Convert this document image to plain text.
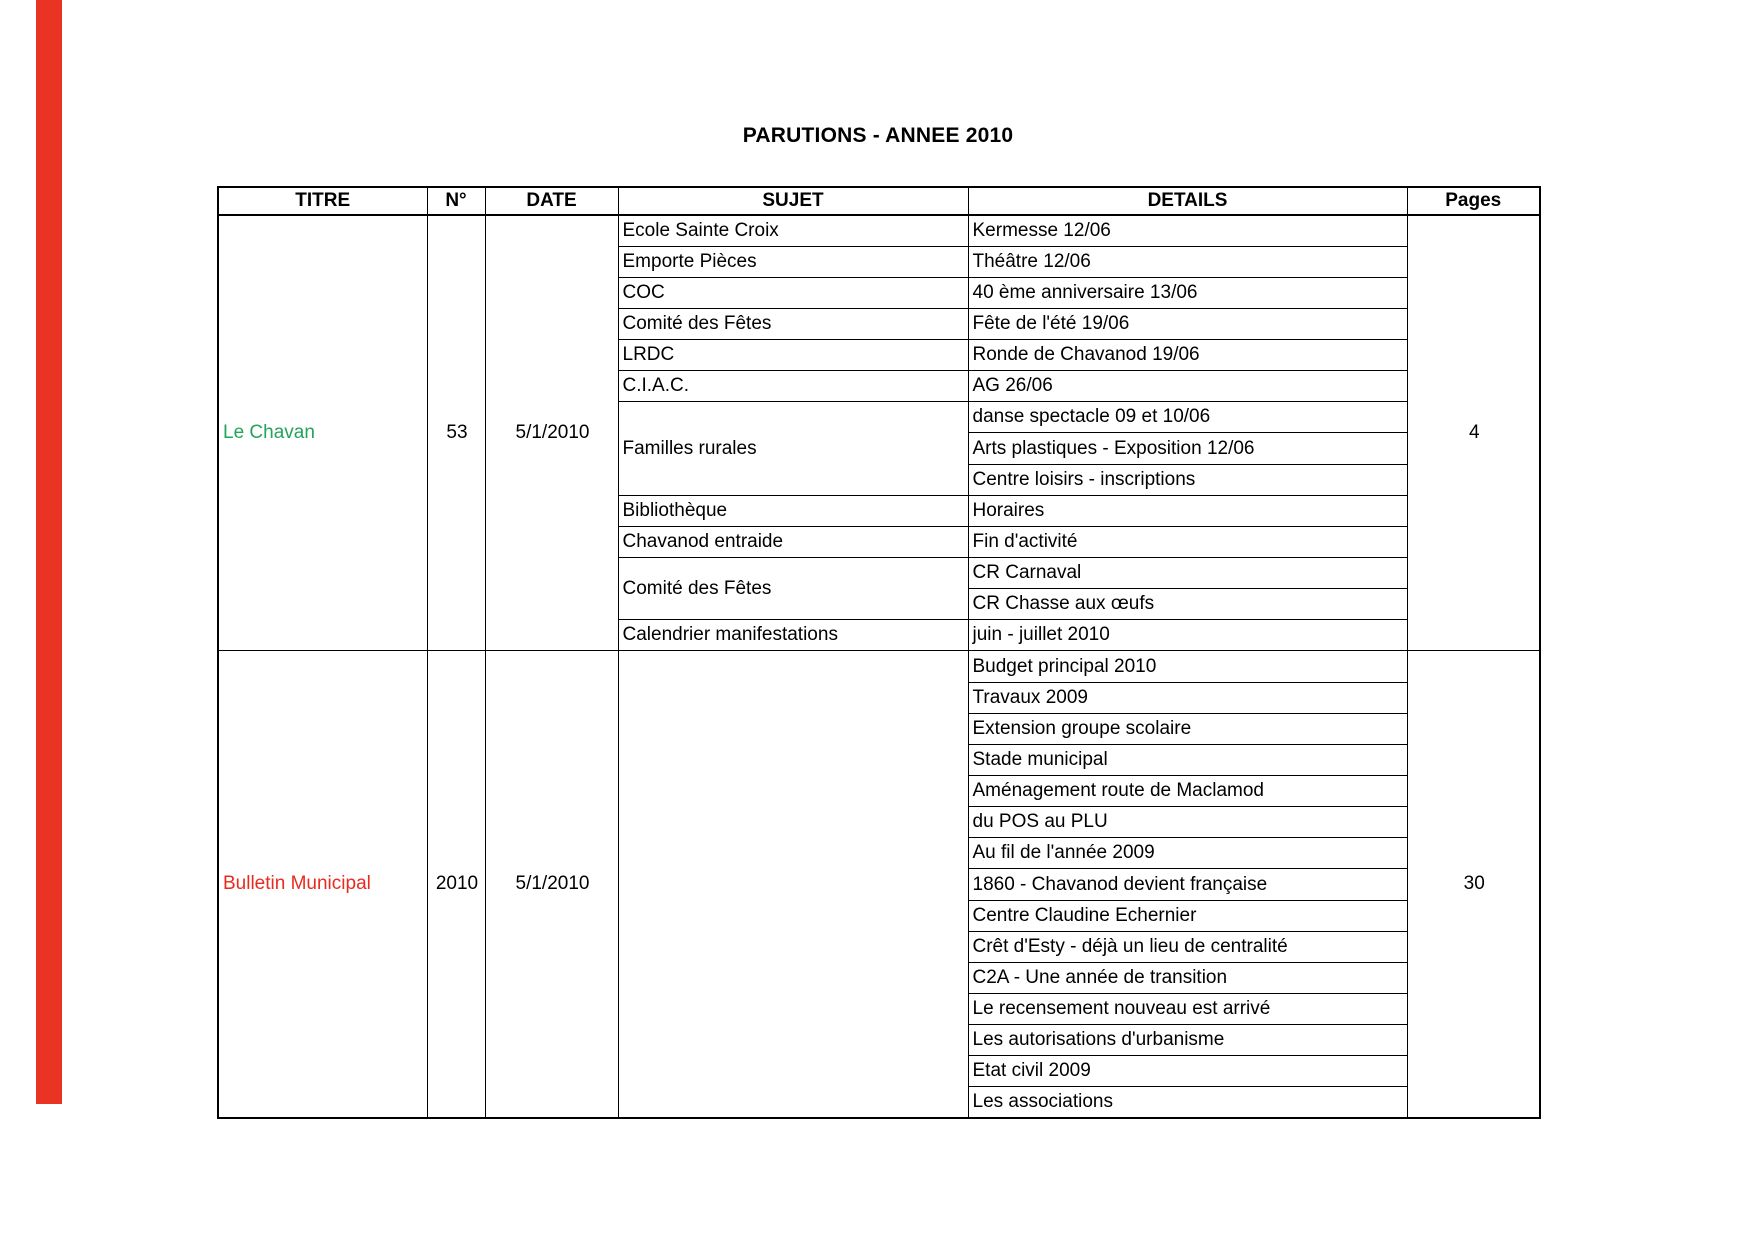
PARUTIONS - ANNEE 2010
TITRE	N°	DATE	SUJET	DETAILS	Pages
Le Chavan	53	5/1/2010	Ecole Sainte Croix	Kermesse 12/06	4
			Emporte Pièces	Théâtre 12/06	
			COC	40 ème anniversaire 13/06	
			Comité des Fêtes	Fête de l'été 19/06	
			LRDC	Ronde de Chavanod 19/06	
			C.I.A.C.	AG 26/06	
			Familles rurales	danse spectacle 09 et 10/06	
				Arts plastiques - Exposition 12/06	
				Centre loisirs - inscriptions	
			Bibliothèque	Horaires	
			Chavanod entraide	Fin d'activité	
			Comité des Fêtes	CR Carnaval	
				CR Chasse aux œufs	
			Calendrier manifestations	juin - juillet 2010	
Bulletin Municipal	2010	5/1/2010		Budget principal 2010	30
				Travaux 2009	
				Extension groupe scolaire	
				Stade municipal	
				Aménagement route de Maclamod	
				du POS au PLU	
				Au fil de l'année 2009	
				1860 - Chavanod devient française	
				Centre Claudine Echernier	
				Crêt d'Esty - déjà un lieu de centralité	
				C2A - Une année de transition	
				Le recensement nouveau est arrivé	
				Les autorisations d'urbanisme	
				Etat civil 2009	
				Les associations	
